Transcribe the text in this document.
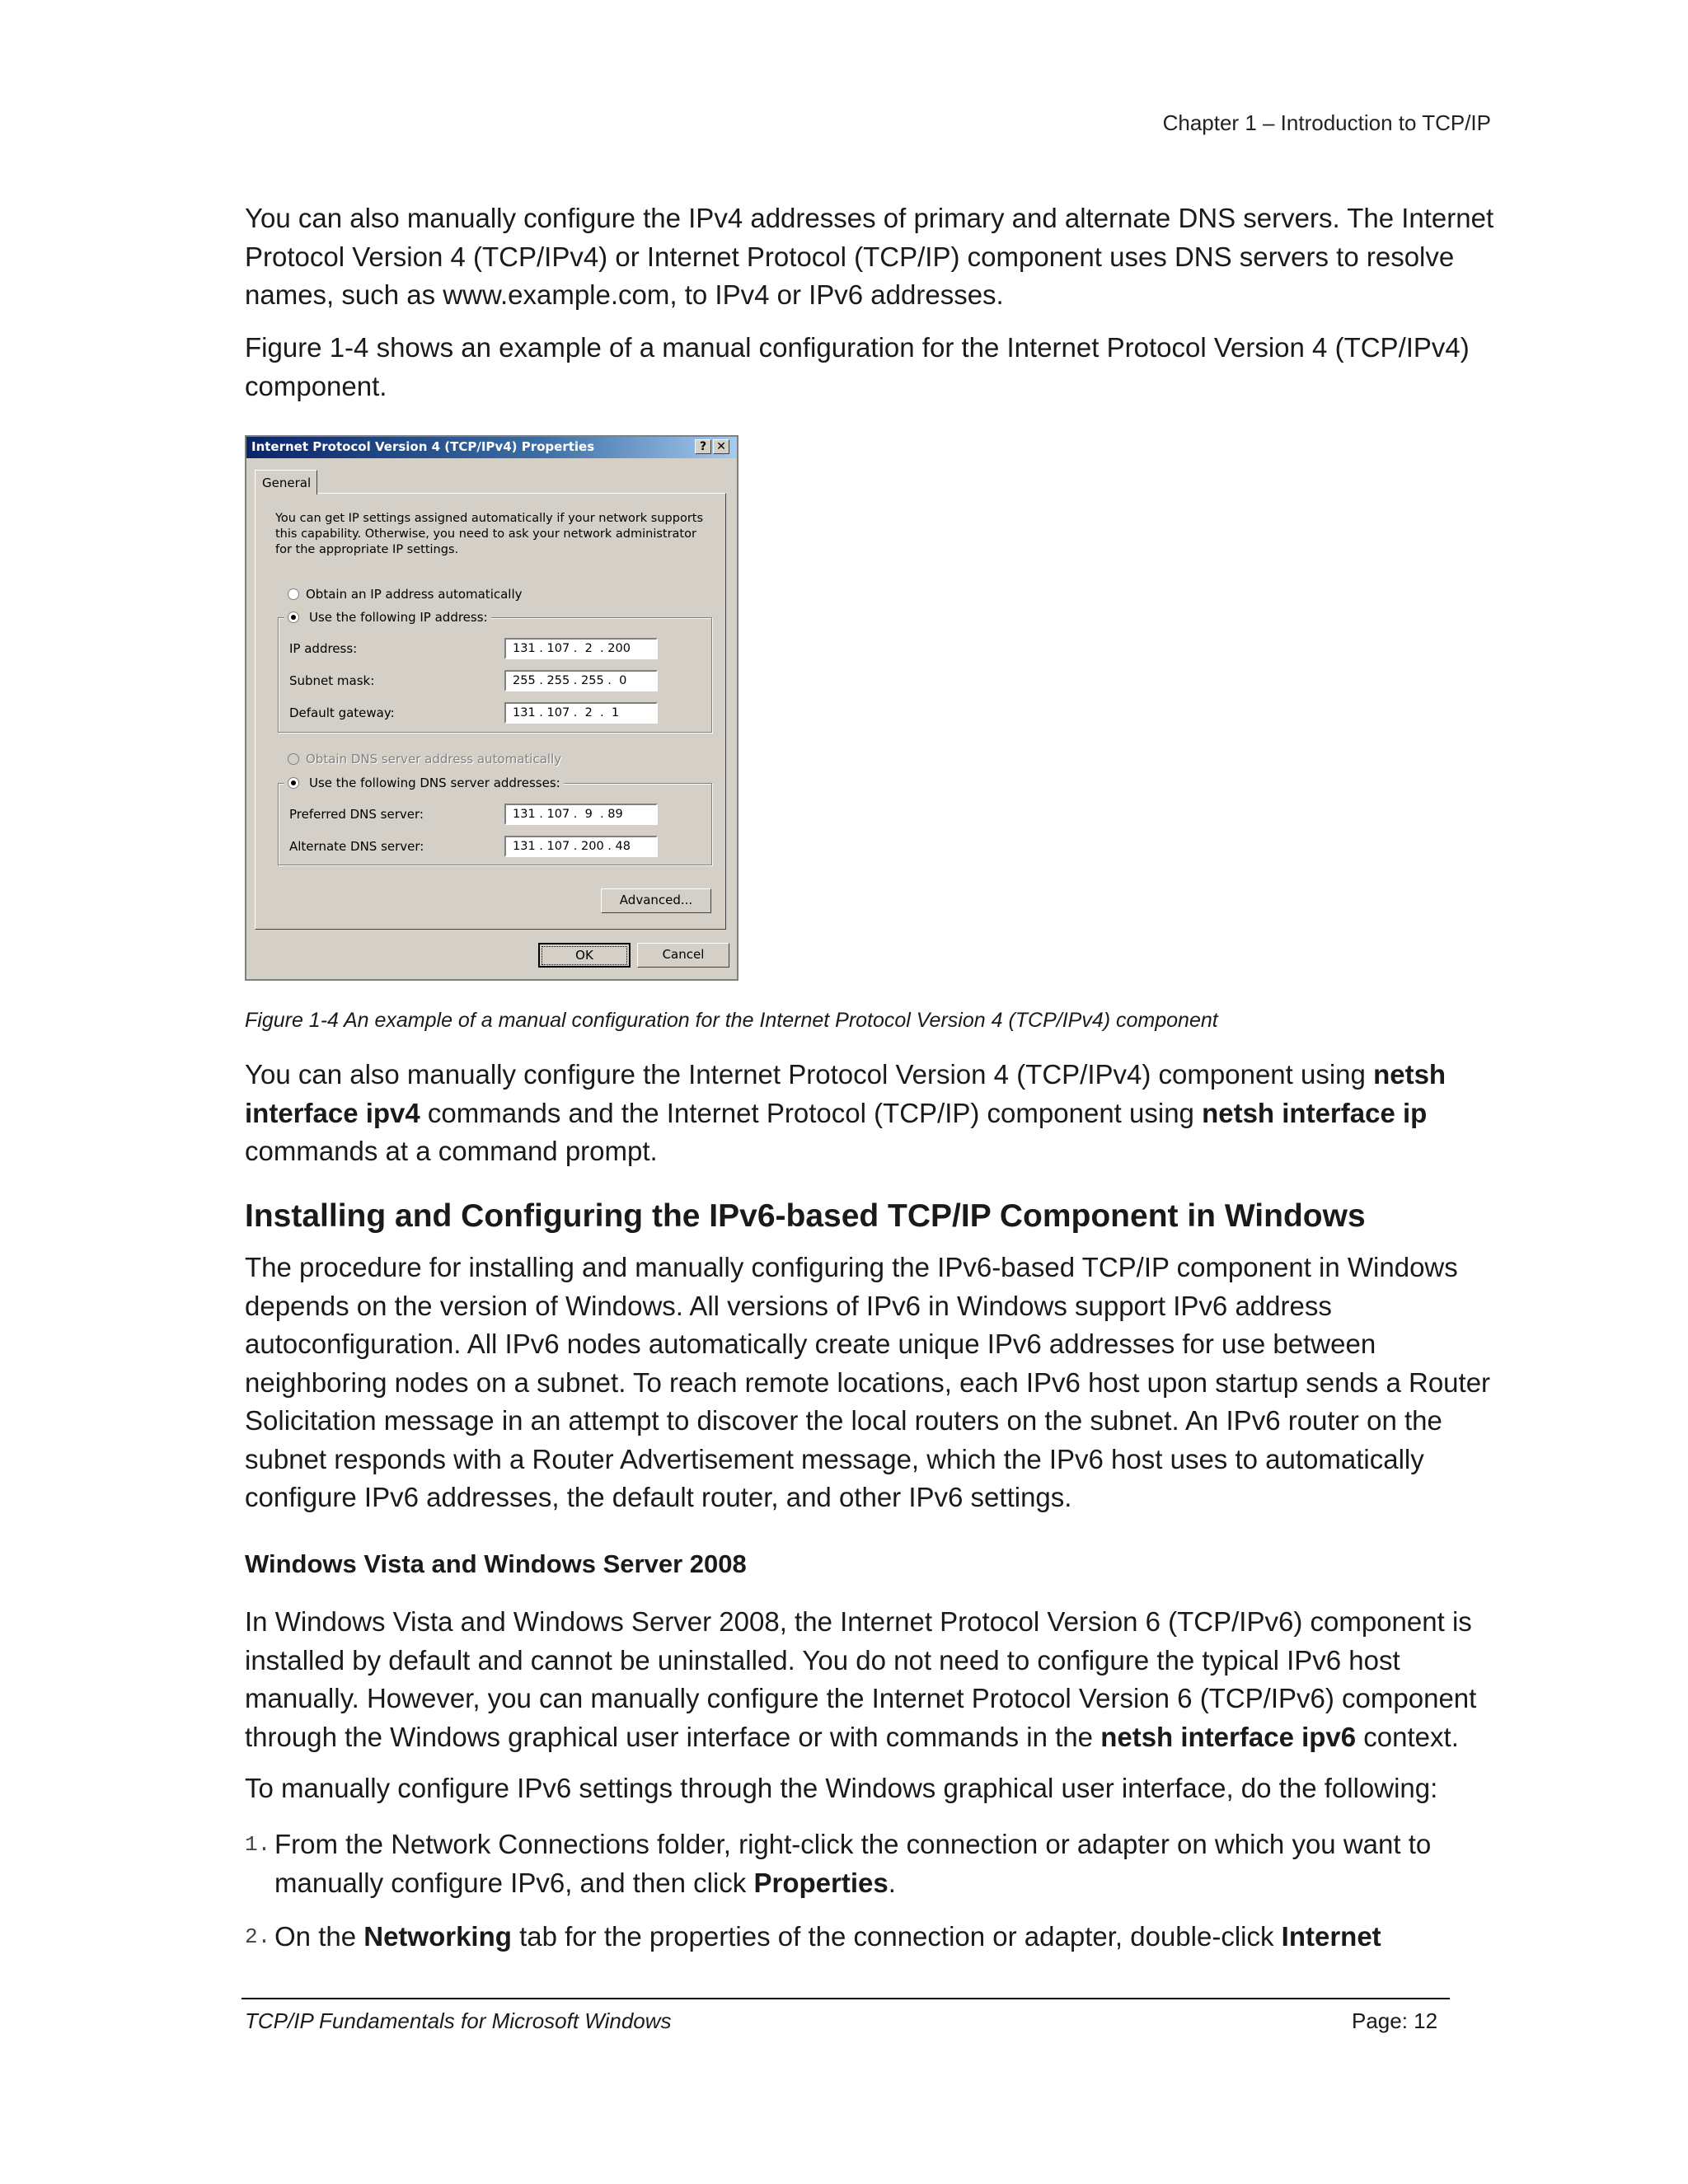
Chapter 1 – Introduction to TCP/IP

You can also manually configure the IPv4 addresses of primary and alternate DNS servers. The Internet Protocol Version 4 (TCP/IPv4) or Internet Protocol (TCP/IP) component uses DNS servers to resolve names, such as www.example.com, to IPv4 or IPv6 addresses.

Figure 1-4 shows an example of a manual configuration for the Internet Protocol Version 4 (TCP/IPv4) component.

Internet Protocol Version 4 (TCP/IPv4) Properties	? ✕
General
You can get IP settings assigned automatically if your network supports this capability. Otherwise, you need to ask your network administrator for the appropriate IP settings.
Obtain an IP address automatically
Use the following IP address:
IP address:	131 . 107 .  2  . 200
Subnet mask:	255 . 255 . 255 .  0
Default gateway:	131 . 107 .  2  .  1
Obtain DNS server address automatically
Use the following DNS server addresses:
Preferred DNS server:	131 . 107 .  9  . 89
Alternate DNS server:	131 . 107 . 200 . 48
Advanced...
OK	Cancel
Figure 1-4 An example of a manual configuration for the Internet Protocol Version 4 (TCP/IPv4) component

You can also manually configure the Internet Protocol Version 4 (TCP/IPv4) component using netsh interface ipv4 commands and the Internet Protocol (TCP/IP) component using netsh interface ip commands at a command prompt.

Installing and Configuring the IPv6-based TCP/IP Component in Windows

The procedure for installing and manually configuring the IPv6-based TCP/IP component in Windows depends on the version of Windows. All versions of IPv6 in Windows support IPv6 address autoconfiguration. All IPv6 nodes automatically create unique IPv6 addresses for use between neighboring nodes on a subnet. To reach remote locations, each IPv6 host upon startup sends a Router Solicitation message in an attempt to discover the local routers on the subnet. An IPv6 router on the subnet responds with a Router Advertisement message, which the IPv6 host uses to automatically configure IPv6 addresses, the default router, and other IPv6 settings.

Windows Vista and Windows Server 2008

In Windows Vista and Windows Server 2008, the Internet Protocol Version 6 (TCP/IPv6) component is installed by default and cannot be uninstalled. You do not need to configure the typical IPv6 host manually. However, you can manually configure the Internet Protocol Version 6 (TCP/IPv6) component through the Windows graphical user interface or with commands in the netsh interface ipv6 context.

To manually configure IPv6 settings through the Windows graphical user interface, do the following:

1. From the Network Connections folder, right-click the connection or adapter on which you want to manually configure IPv6, and then click Properties.
2. On the Networking tab for the properties of the connection or adapter, double-click Internet
TCP/IP Fundamentals for Microsoft Windows	Page: 12
